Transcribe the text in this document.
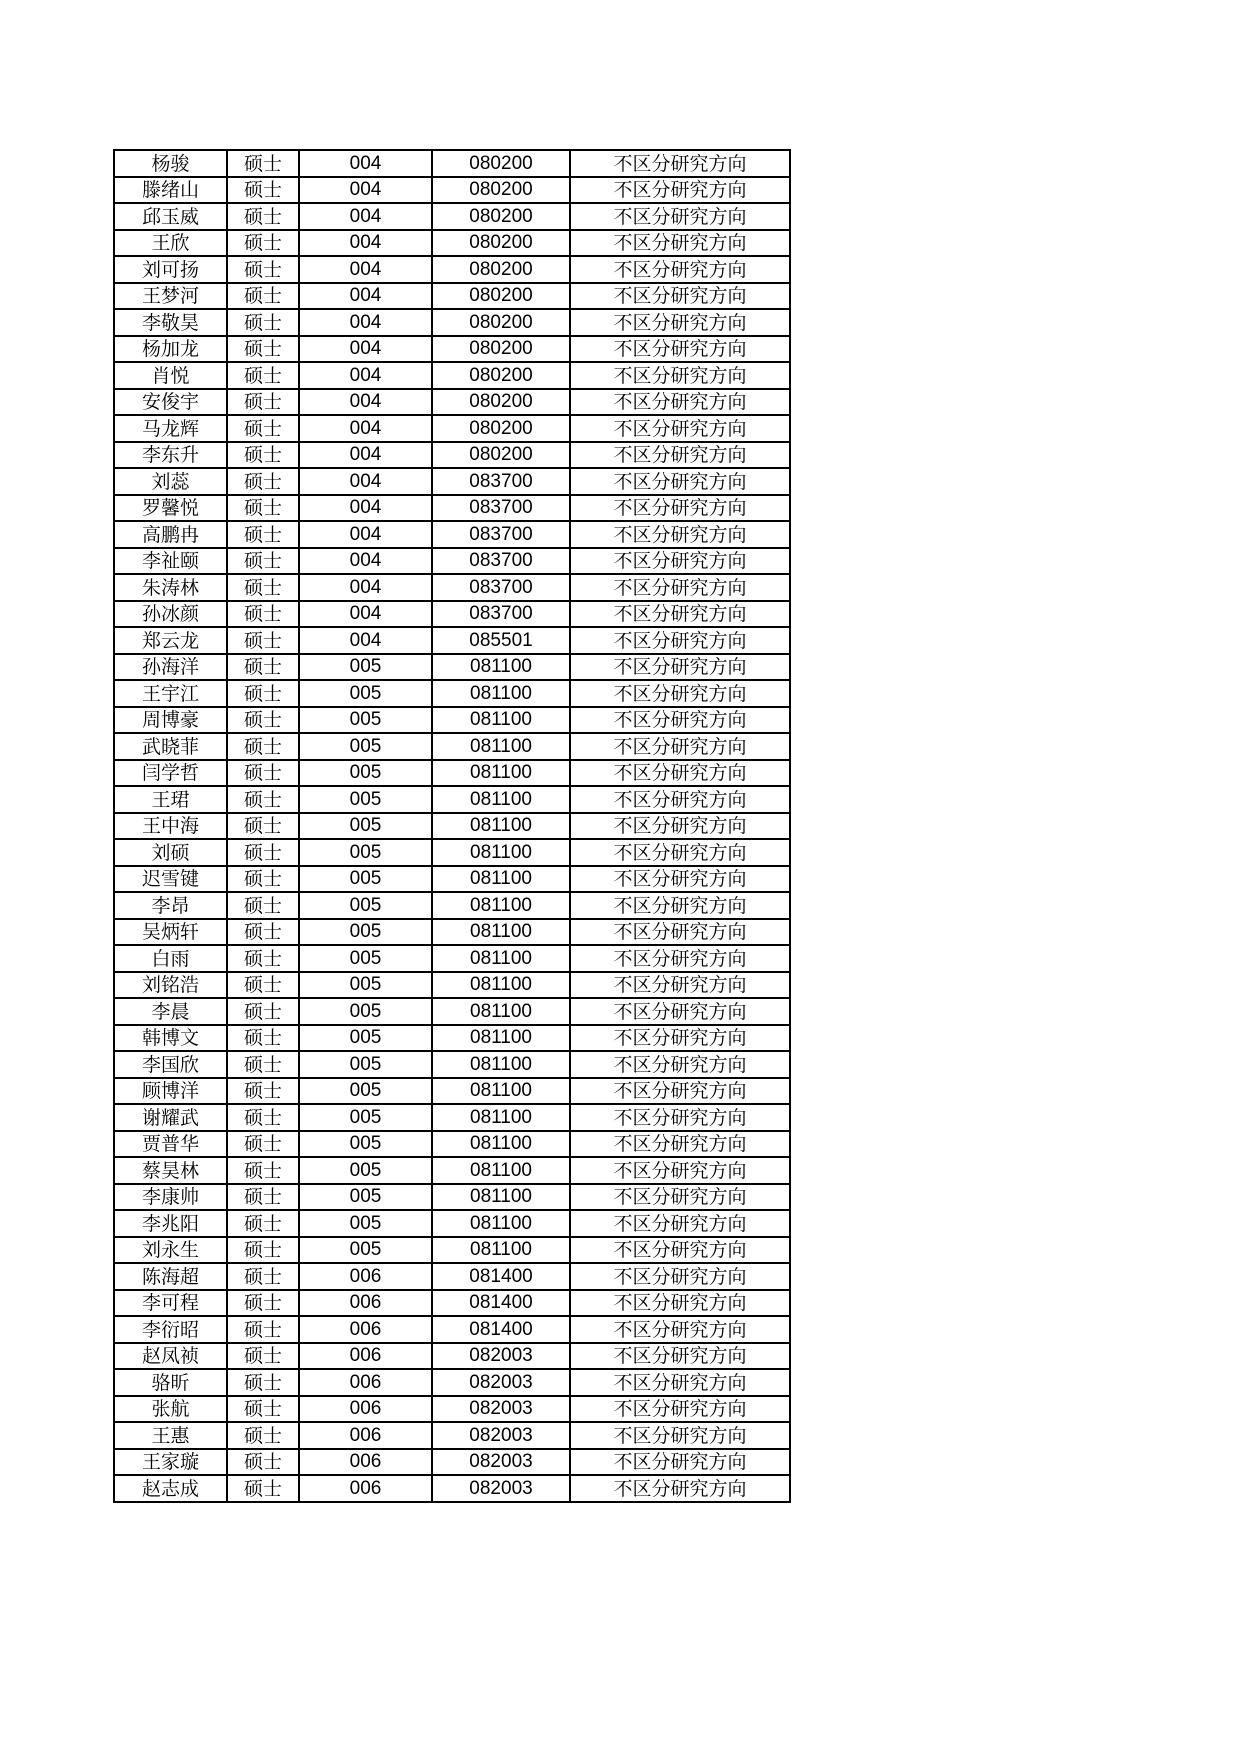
杨骏	硕士	004	080200	不区分研究方向
滕绪山	硕士	004	080200	不区分研究方向
邱玉威	硕士	004	080200	不区分研究方向
王欣	硕士	004	080200	不区分研究方向
刘可扬	硕士	004	080200	不区分研究方向
王梦河	硕士	004	080200	不区分研究方向
李敬昊	硕士	004	080200	不区分研究方向
杨加龙	硕士	004	080200	不区分研究方向
肖悦	硕士	004	080200	不区分研究方向
安俊宇	硕士	004	080200	不区分研究方向
马龙辉	硕士	004	080200	不区分研究方向
李东升	硕士	004	080200	不区分研究方向
刘蕊	硕士	004	083700	不区分研究方向
罗馨悦	硕士	004	083700	不区分研究方向
高鹏冉	硕士	004	083700	不区分研究方向
李祉颐	硕士	004	083700	不区分研究方向
朱涛林	硕士	004	083700	不区分研究方向
孙冰颜	硕士	004	083700	不区分研究方向
郑云龙	硕士	004	085501	不区分研究方向
孙海洋	硕士	005	081100	不区分研究方向
王宇江	硕士	005	081100	不区分研究方向
周博豪	硕士	005	081100	不区分研究方向
武晓菲	硕士	005	081100	不区分研究方向
闫学哲	硕士	005	081100	不区分研究方向
王珺	硕士	005	081100	不区分研究方向
王中海	硕士	005	081100	不区分研究方向
刘硕	硕士	005	081100	不区分研究方向
迟雪键	硕士	005	081100	不区分研究方向
李昂	硕士	005	081100	不区分研究方向
吴炳轩	硕士	005	081100	不区分研究方向
白雨	硕士	005	081100	不区分研究方向
刘铭浩	硕士	005	081100	不区分研究方向
李晨	硕士	005	081100	不区分研究方向
韩博文	硕士	005	081100	不区分研究方向
李国欣	硕士	005	081100	不区分研究方向
顾博洋	硕士	005	081100	不区分研究方向
谢耀武	硕士	005	081100	不区分研究方向
贾普华	硕士	005	081100	不区分研究方向
蔡昊林	硕士	005	081100	不区分研究方向
李康帅	硕士	005	081100	不区分研究方向
李兆阳	硕士	005	081100	不区分研究方向
刘永生	硕士	005	081100	不区分研究方向
陈海超	硕士	006	081400	不区分研究方向
李可程	硕士	006	081400	不区分研究方向
李衍昭	硕士	006	081400	不区分研究方向
赵凤祯	硕士	006	082003	不区分研究方向
骆昕	硕士	006	082003	不区分研究方向
张航	硕士	006	082003	不区分研究方向
王惠	硕士	006	082003	不区分研究方向
王家璇	硕士	006	082003	不区分研究方向
赵志成	硕士	006	082003	不区分研究方向
